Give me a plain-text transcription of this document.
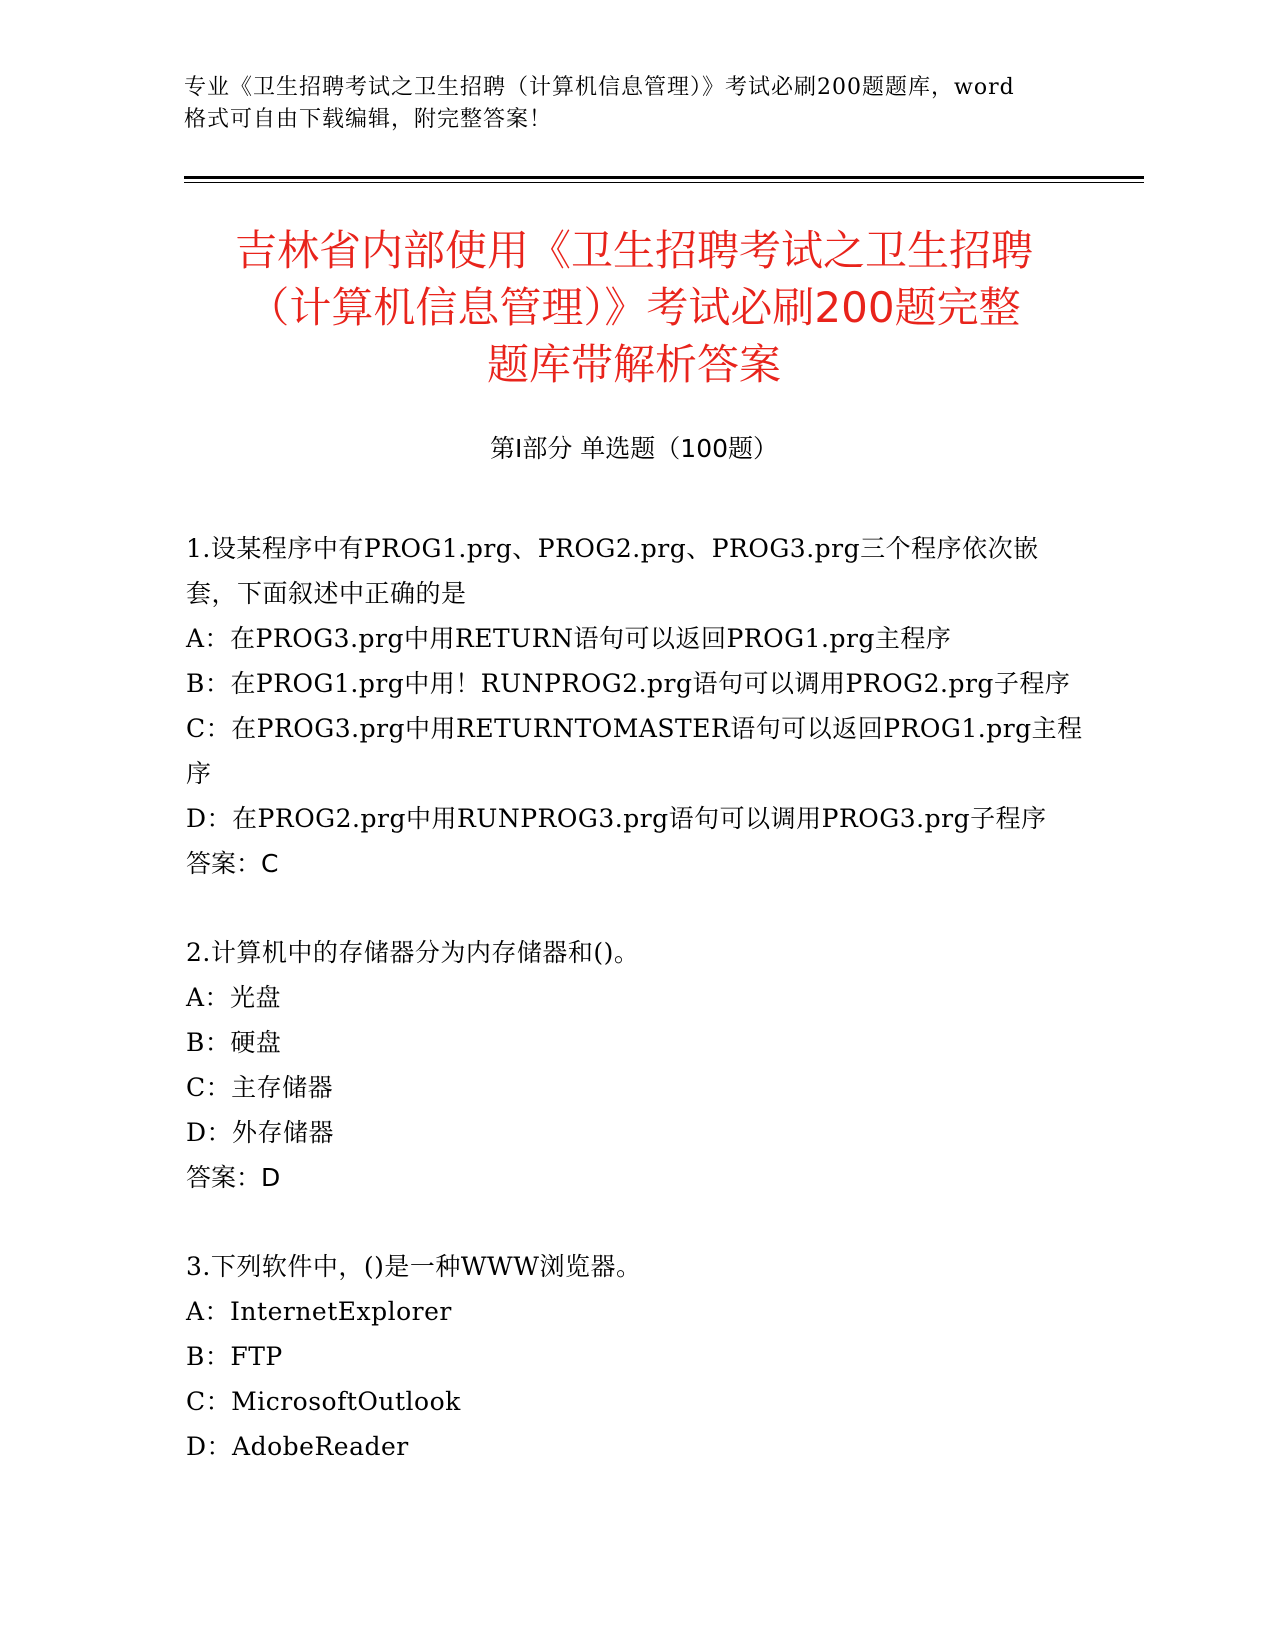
专业《卫生招聘考试之卫生招聘（计算机信息管理）》考试必刷200题题库，word
格式可自由下载编辑，附完整答案！
吉林省内部使用《卫生招聘考试之卫生招聘
（计算机信息管理）》考试必刷200题完整
题库带解析答案
第Ⅰ部分 单选题（100题）
1.设某程序中有PROG1.prg、PROG2.prg、PROG3.prg三个程序依次嵌
套，下面叙述中正确的是
A：在PROG3.prg中用RETURN语句可以返回PROG1.prg主程序
B：在PROG1.prg中用！RUNPROG2.prg语句可以调用PROG2.prg子程序
C：在PROG3.prg中用RETURNTOMASTER语句可以返回PROG1.prg主程
序
D：在PROG2.prg中用RUNPROG3.prg语句可以调用PROG3.prg子程序
答案：C
2.计算机中的存储器分为内存储器和()。
A：光盘
B：硬盘
C：主存储器
D：外存储器
答案：D
3.下列软件中，()是一种WWW浏览器。
A：InternetExplorer
B：FTP
C：MicrosoftOutlook
D：AdobeReader
